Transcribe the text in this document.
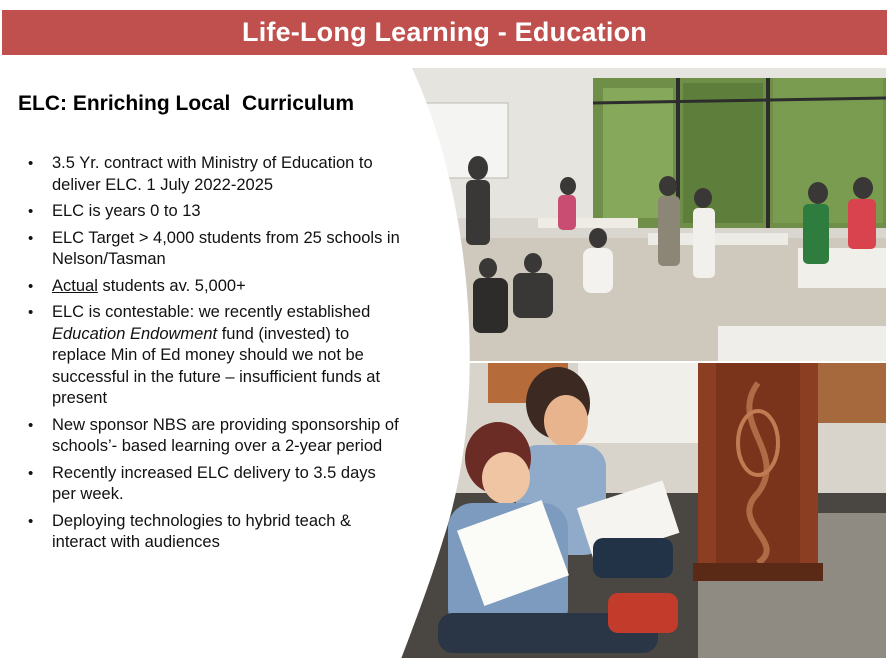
Life-Long Learning - Education
ELC: Enriching Local  Curriculum
• 3.5 Yr. contract with Ministry of Education to deliver ELC. 1 July 2022-2025
• ELC is years 0 to 13
• ELC Target > 4,000 students from 25 schools in Nelson/Tasman
• Actual students av. 5,000+
• ELC is contestable: we recently established Education Endowment fund (invested) to replace Min of Ed money should we not be successful in the future – insufficient funds at present
• New sponsor NBS are providing sponsorship of schools’- based learning over a 2-year period
• Recently increased ELC delivery to 3.5 days per week.
• Deploying technologies to hybrid teach & interact with audiences
